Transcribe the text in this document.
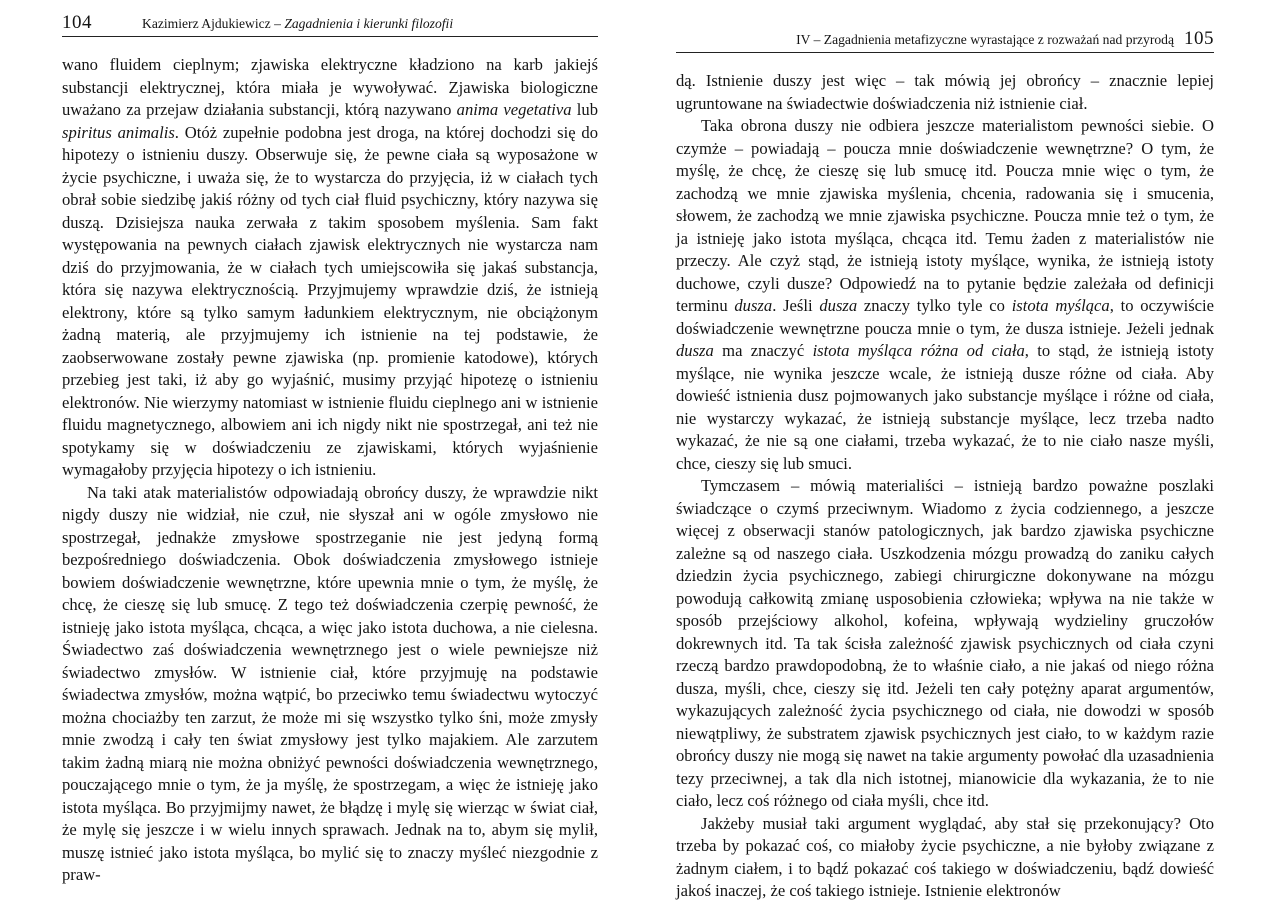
104	Kazimierz Ajdukiewicz – Zagadnienia i kierunki filozofii

wano fluidem cieplnym; zjawiska elektryczne kładziono na karb jakiejś substancji elektrycznej, która miała je wywoływać. Zjawiska biologiczne uważano za przejaw działania substancji, którą nazywano anima vegetativa lub spiritus animalis. Otóż zupełnie podobna jest droga, na której dochodzi się do hipotezy o istnieniu duszy. Obserwuje się, że pewne ciała są wyposażone w życie psychiczne, i uważa się, że to wystarcza do przyjęcia, iż w ciałach tych obrał sobie siedzibę jakiś różny od tych ciał fluid psychiczny, który nazywa się duszą. Dzisiejsza nauka zerwała z takim sposobem myślenia. Sam fakt występowania na pewnych ciałach zjawisk elektrycznych nie wystarcza nam dziś do przyjmowania, że w ciałach tych umiejscowiła się jakaś substancja, która się nazywa elektrycznością. Przyjmujemy wprawdzie dziś, że istnieją elektrony, które są tylko samym ładunkiem elektrycznym, nie obciążonym żadną materią, ale przyjmujemy ich istnienie na tej podstawie, że zaobserwowane zostały pewne zjawiska (np. promienie katodowe), których przebieg jest taki, iż aby go wyjaśnić, musimy przyjąć hipotezę o istnieniu elektronów. Nie wierzymy natomiast w istnienie fluidu cieplnego ani w istnienie fluidu magnetycznego, albowiem ani ich nigdy nikt nie spostrzegał, ani też nie spotykamy się w doświadczeniu ze zjawiskami, których wyjaśnienie wymagałoby przyjęcia hipotezy o ich istnieniu.

Na taki atak materialistów odpowiadają obrońcy duszy, że wprawdzie nikt nigdy duszy nie widział, nie czuł, nie słyszał ani w ogóle zmysłowo nie spostrzegał, jednakże zmysłowe spostrzeganie nie jest jedyną formą bezpośredniego doświadczenia. Obok doświadczenia zmysłowego istnieje bowiem doświadczenie wewnętrzne, które upewnia mnie o tym, że myślę, że chcę, że cieszę się lub smucę. Z tego też doświadczenia czerpię pewność, że istnieję jako istota myśląca, chcąca, a więc jako istota duchowa, a nie cielesna. Świadectwo zaś doświadczenia wewnętrznego jest o wiele pewniejsze niż świadectwo zmysłów. W istnienie ciał, które przyjmuję na podstawie świadectwa zmysłów, można wątpić, bo przeciwko temu świadectwu wytoczyć można chociażby ten zarzut, że może mi się wszystko tylko śni, może zmysły mnie zwodzą i cały ten świat zmysłowy jest tylko majakiem. Ale zarzutem takim żadną miarą nie można obniżyć pewności doświadczenia wewnętrznego, pouczającego mnie o tym, że ja myślę, że spostrzegam, a więc że istnieję jako istota myśląca. Bo przyjmijmy nawet, że błądzę i mylę się wierząc w świat ciał, że mylę się jeszcze i w wielu innych sprawach. Jednak na to, abym się mylił, muszę istnieć jako istota myśląca, bo mylić się to znaczy myśleć niezgodnie z praw-

IV – Zagadnienia metafizyczne wyrastające z rozważań nad przyrodą 105

dą. Istnienie duszy jest więc – tak mówią jej obrońcy – znacznie lepiej ugruntowane na świadectwie doświadczenia niż istnienie ciał.

Taka obrona duszy nie odbiera jeszcze materialistom pewności siebie. O czymże – powiadają – poucza mnie doświadczenie wewnętrzne? O tym, że myślę, że chcę, że cieszę się lub smucę itd. Poucza mnie więc o tym, że zachodzą we mnie zjawiska myślenia, chcenia, radowania się i smucenia, słowem, że zachodzą we mnie zjawiska psychiczne. Poucza mnie też o tym, że ja istnieję jako istota myśląca, chcąca itd. Temu żaden z materialistów nie przeczy. Ale czyż stąd, że istnieją istoty myślące, wynika, że istnieją istoty duchowe, czyli dusze? Odpowiedź na to pytanie będzie zależała od definicji terminu dusza. Jeśli dusza znaczy tylko tyle co istota myśląca, to oczywiście doświadczenie wewnętrzne poucza mnie o tym, że dusza istnieje. Jeżeli jednak dusza ma znaczyć istota myśląca różna od ciała, to stąd, że istnieją istoty myślące, nie wynika jeszcze wcale, że istnieją dusze różne od ciała. Aby dowieść istnienia dusz pojmowanych jako substancje myślące i różne od ciała, nie wystarczy wykazać, że istnieją substancje myślące, lecz trzeba nadto wykazać, że nie są one ciałami, trzeba wykazać, że to nie ciało nasze myśli, chce, cieszy się lub smuci.

Tymczasem – mówią materialiści – istnieją bardzo poważne poszlaki świadczące o czymś przeciwnym. Wiadomo z życia codziennego, a jeszcze więcej z obserwacji stanów patologicznych, jak bardzo zjawiska psychiczne zależne są od naszego ciała. Uszkodzenia mózgu prowadzą do zaniku całych dziedzin życia psychicznego, zabiegi chirurgiczne dokonywane na mózgu powodują całkowitą zmianę usposobienia człowieka; wpływa na nie także w sposób przejściowy alkohol, kofeina, wpływają wydzieliny gruczołów dokrewnych itd. Ta tak ścisła zależność zjawisk psychicznych od ciała czyni rzeczą bardzo prawdopodobną, że to właśnie ciało, a nie jakaś od niego różna dusza, myśli, chce, cieszy się itd. Jeżeli ten cały potężny aparat argumentów, wykazujących zależność życia psychicznego od ciała, nie dowodzi w sposób niewątpliwy, że substratem zjawisk psychicznych jest ciało, to w każdym razie obrońcy duszy nie mogą się nawet na takie argumenty powołać dla uzasadnienia tezy przeciwnej, a tak dla nich istotnej, mianowicie dla wykazania, że to nie ciało, lecz coś różnego od ciała myśli, chce itd.

Jakżeby musiał taki argument wyglądać, aby stał się przekonujący? Oto trzeba by pokazać coś, co miałoby życie psychiczne, a nie byłoby związane z żadnym ciałem, i to bądź pokazać coś takiego w doświadczeniu, bądź dowieść jakoś inaczej, że coś takiego istnieje. Istnienie elektronów
